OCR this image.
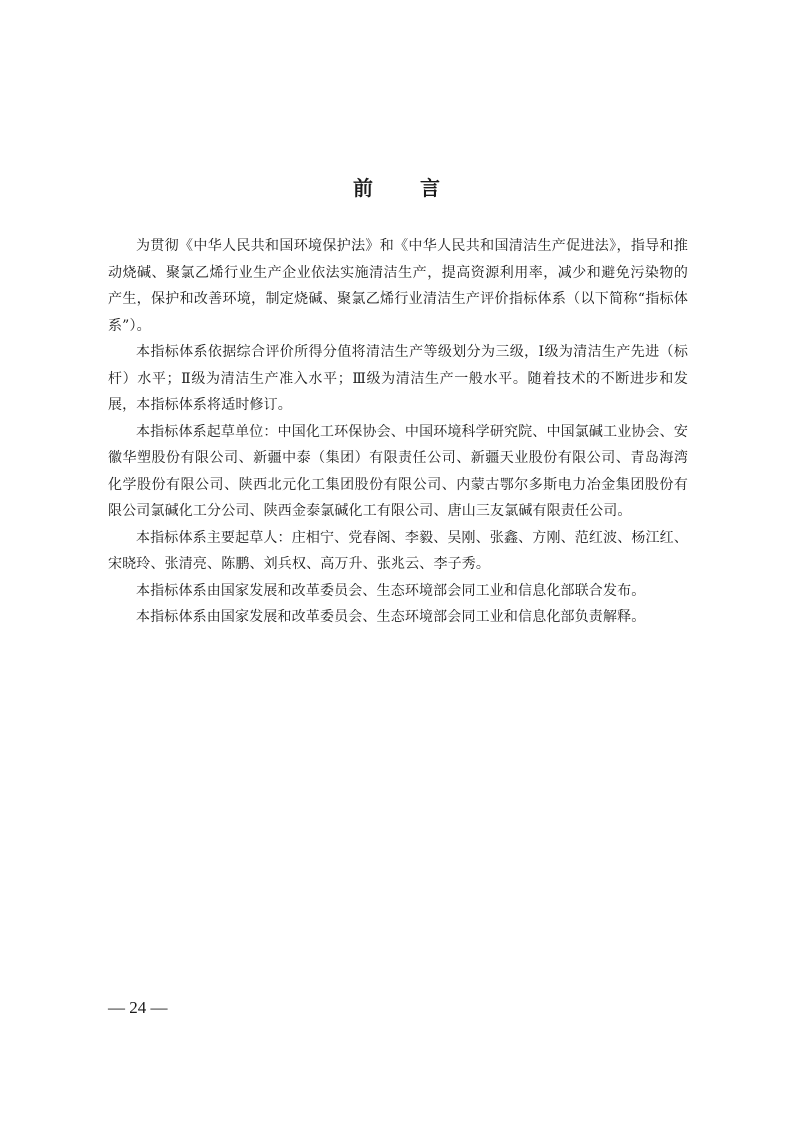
前 言

为贯彻《中华人民共和国环境保护法》和《中华人民共和国清洁生产促进法》，指导和推动烧碱、聚氯乙烯行业生产企业依法实施清洁生产，提高资源利用率，减少和避免污染物的产生，保护和改善环境，制定烧碱、聚氯乙烯行业清洁生产评价指标体系（以下简称“指标体系”）。

本指标体系依据综合评价所得分值将清洁生产等级划分为三级，Ⅰ级为清洁生产先进（标杆）水平；Ⅱ级为清洁生产准入水平；Ⅲ级为清洁生产一般水平。随着技术的不断进步和发展，本指标体系将适时修订。

本指标体系起草单位：中国化工环保协会、中国环境科学研究院、中国氯碱工业协会、安徽华塑股份有限公司、新疆中泰（集团）有限责任公司、新疆天业股份有限公司、青岛海湾化学股份有限公司、陕西北元化工集团股份有限公司、内蒙古鄂尔多斯电力冶金集团股份有限公司氯碱化工分公司、陕西金泰氯碱化工有限公司、唐山三友氯碱有限责任公司。

本指标体系主要起草人：庄相宁、党春阁、李毅、吴刚、张鑫、方刚、范红波、杨江红、宋晓玲、张清亮、陈鹏、刘兵权、高万升、张兆云、李子秀。

本指标体系由国家发展和改革委员会、生态环境部会同工业和信息化部联合发布。

本指标体系由国家发展和改革委员会、生态环境部会同工业和信息化部负责解释。

— 24 —
